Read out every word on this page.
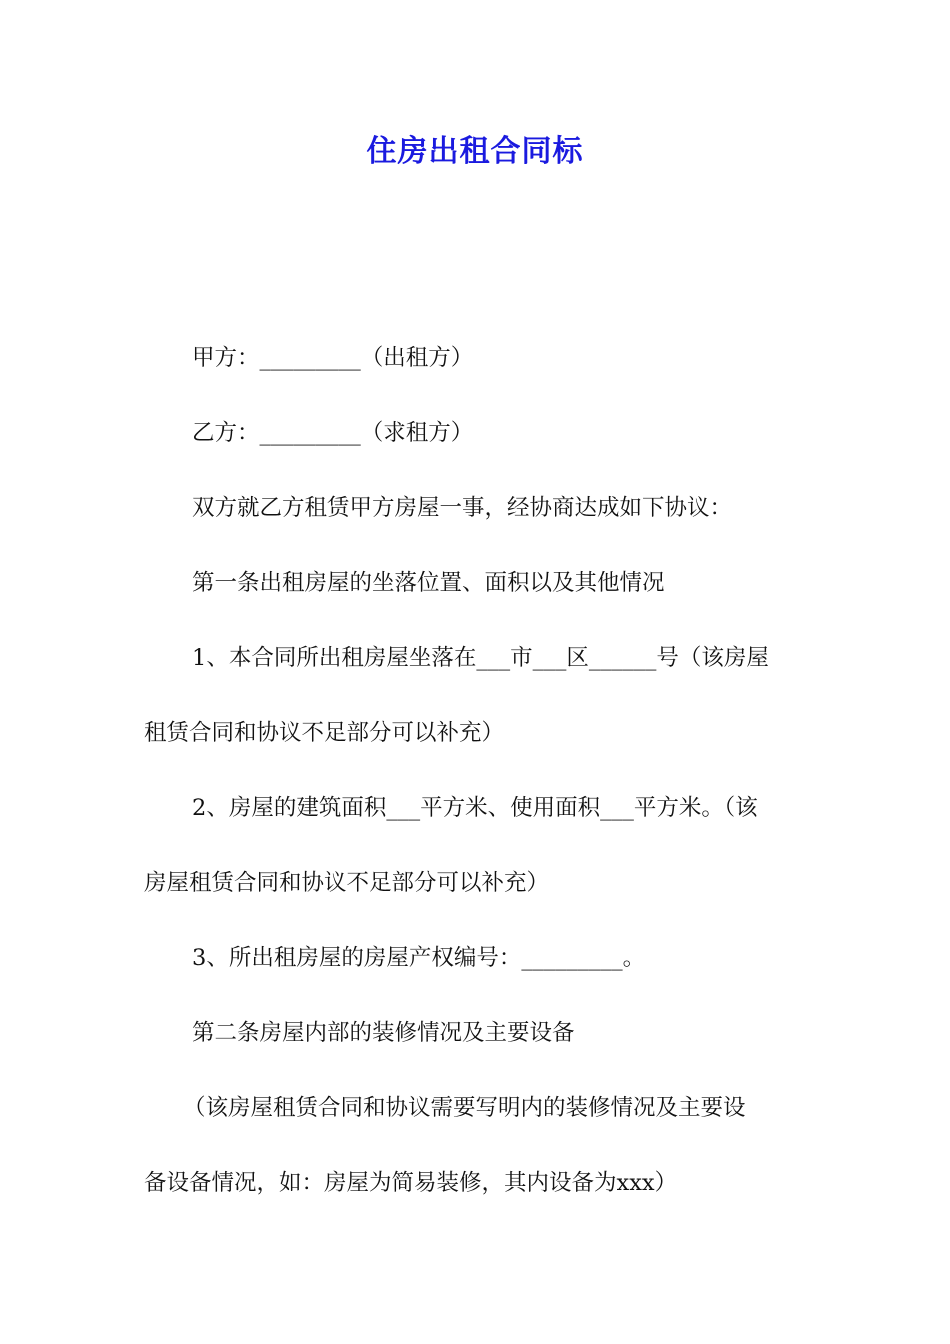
住房出租合同标
甲方：_________（出租方）
乙方：_________（求租方）
双方就乙方租赁甲方房屋一事，经协商达成如下协议：
第一条出租房屋的坐落位置、面积以及其他情况
1、本合同所出租房屋坐落在___市___区______号（该房屋
租赁合同和协议不足部分可以补充）
2、房屋的建筑面积___平方米、使用面积___平方米。（该
房屋租赁合同和协议不足部分可以补充）
3、所出租房屋的房屋产权编号：_________。
第二条房屋内部的装修情况及主要设备
（该房屋租赁合同和协议需要写明内的装修情况及主要设
备设备情况，如：房屋为简易装修，其内设备为xxx）
